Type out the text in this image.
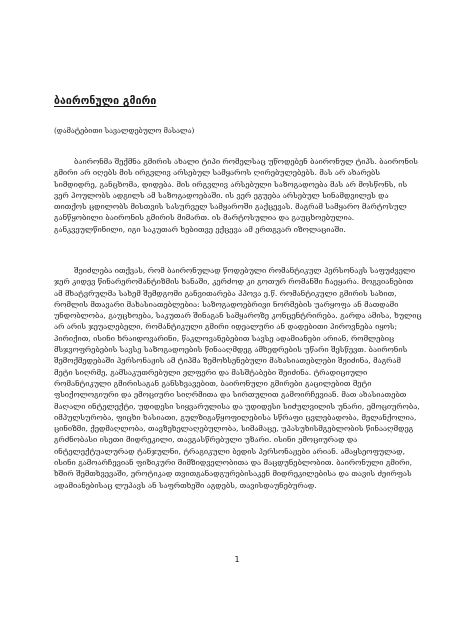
ბაირონული გმირი
(დამატებითი სავალდებულო მასალა)

ბაირონმა შექმნა გმირის ახალი ტიპი რომელსაც უწოდებენ ბაირონულ ტიპს. ბაირონის გმირი არ იღებს მის ირგვლივ არსებულ სამყაროს ღირებულებებს. მას არ ახარებს სიმდიდრე, განცხომა, დიდება. მის ირგვლივ არსებული საზოგადოება მას არ მოსწონს, ის ვერ პოულობს ადგილს ამ საზოგადოებაში. ის ვერ ეგუება არსებულ სინამდვილეს და თითქოს ცდილობს მისთვის სასურველ სამყაროში გაქცევას. მაგრამ სამყარო მარტოსულ განწყობილი ბაირონის გმირის მიმართ. ის მარტოსულია და გაუცხოებულია. განკვეულწინილი, იგი საკუთარ ხებითვე ექცევა ამ ერთგვარ იზოლაციაში.

შეიძლება ითქვას, რომ ბაირონულად წოდებული რომანტიკულ პერსონაჟს საფუძველი ჯერ კიდევ წინარერომანტიზმის ხანაში, კერძოდ კი გოთურ რომანში ჩაეყარა. მოგვიანებით ამ მხატვრულმა სახემ შემდგომი განვითარება ჰპოვა ე.წ. რომანტიკული გმირის სახით, რომლის მთავარი მახასიათებლებია: საზოგადოებრივი ნორმების უარყოფა ან მათდამი უნდობლობა, გაუცხოება, საკუთარ შინაგან სამყაროზე კონცენტრირება. გარდა ამისა, ხულიც არ არის ჯეუალებელი, რომანტიკული გმირი იდეალური ან დადებითი პიროვნება იყოს; პირიქით, ისინი ხრაიდოვარინი, წაკლოვანებებით სავსე ადამიანები არიან, რომლებიც მსჯვოფრებების სავსე საზოგადოების წინააღმდეგ ამხედრების უწარი შესწევთ. ბაირონის შემოქმედებაში პერსონაჟის ამ ტიპმა ზემოხსენებული მახასიათებლები შეიძინა, მაგრამ მეტი სიღრმე, გამსაკუთრებული ელფერი და მასშტაბები შეიძინა. ტრადიციული რომანტიკული გმირისაგან განსხვავებით, ბაირონული გმირები გაცილებით მეტი ფსიქოლოგიური და ემოციური სიღრმითა და სირთულით გამოირჩევიან. მათ ახასიათებთ მაღალი ინტელექტი, უდიდესი სიყვარულისა და უდიდესი სიძულვილის უნარი, ემოციურობა, იმპულსურობა, ფიცხი ხასიათი, გულზიგაწყოფილებისა სწრაფი ცვლებადობა, მელანქოლია, ცინიზმი, ქედმაღლობა, თავზეხელაღებულობა, სიმამაცე, უპასუხისმგებლობის წინააღმდეგ გრძნობასი ისეთი მიდრეკილი, თავგასწრებული უზარი. ისინი ემოციურად და ინტელექტუალურად ტანჯულნი, ტრაგიკული ბედის პერსონაჟები არიან. ამაყსეოფულად, ისინი გამოარჩევიან ფიზიკური მიმზიდველობითა და მაცდუნებლობით. ბაირონული გმირი, ხშირ შემთხვევაში, ეროტიკად თვითგანადგურებისაკენ მიდრეკილებისა და თავის ძეირფას ადამიანებისაც ლუპავს ან საფრთხეში აგდებს, თავისდაუნებურად.

1
